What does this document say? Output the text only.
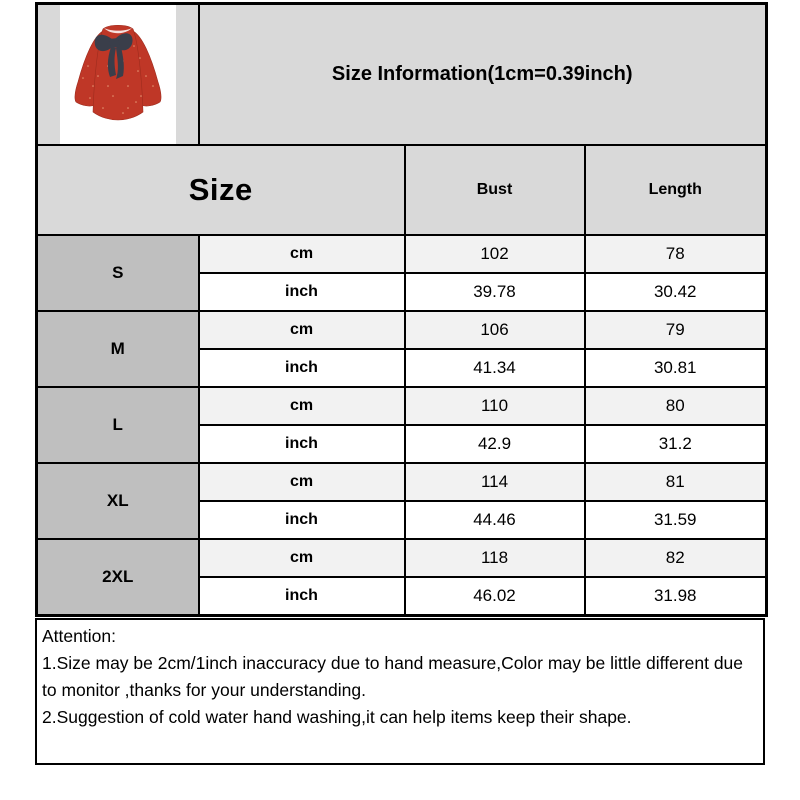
	Size Information(1cm=0.39inch)		
Size		Bust	Length
S	cm	102	78
	inch	39.78	30.42
M	cm	106	79
	inch	41.34	30.81
L	cm	110	80
	inch	42.9	31.2
XL	cm	114	81
	inch	44.46	31.59
2XL	cm	118	82
	inch	46.02	31.98
Attention:
1.Size may be 2cm/1inch inaccuracy due to hand measure,Color may be little different due to monitor ,thanks for your understanding.
2.Suggestion of cold water hand washing,it can help items keep their shape.
